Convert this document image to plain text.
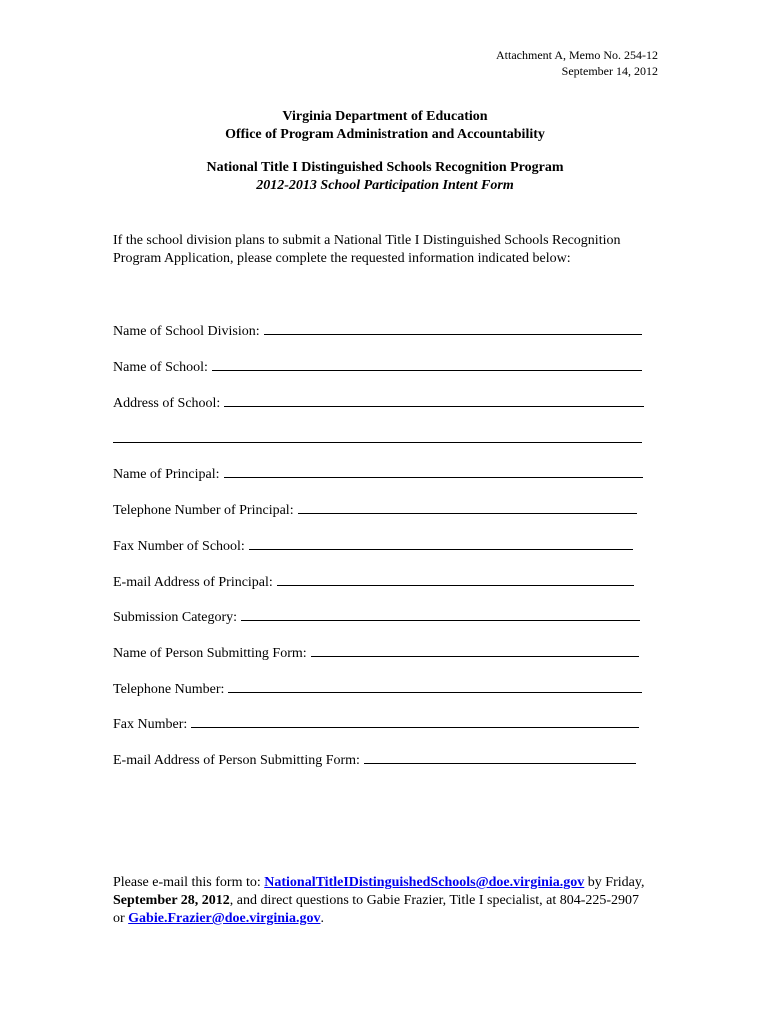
Attachment A, Memo No. 254-12
September 14, 2012
Virginia Department of Education
Office of Program Administration and Accountability
National Title I Distinguished Schools Recognition Program
2012-2013 School Participation Intent Form
If the school division plans to submit a National Title I Distinguished Schools Recognition Program Application, please complete the requested information indicated below:
Name of School Division:
Name of School:
Address of School:
Name of Principal:
Telephone Number of Principal:
Fax Number of School:
E-mail Address of Principal:
Submission Category:
Name of Person Submitting Form:
Telephone Number:
Fax Number:
E-mail Address of Person Submitting Form:
Please e-mail this form to: NationalTitleIDistinguishedSchools@doe.virginia.gov by Friday, September 28, 2012, and direct questions to Gabie Frazier, Title I specialist, at 804-225-2907 or Gabie.Frazier@doe.virginia.gov.
